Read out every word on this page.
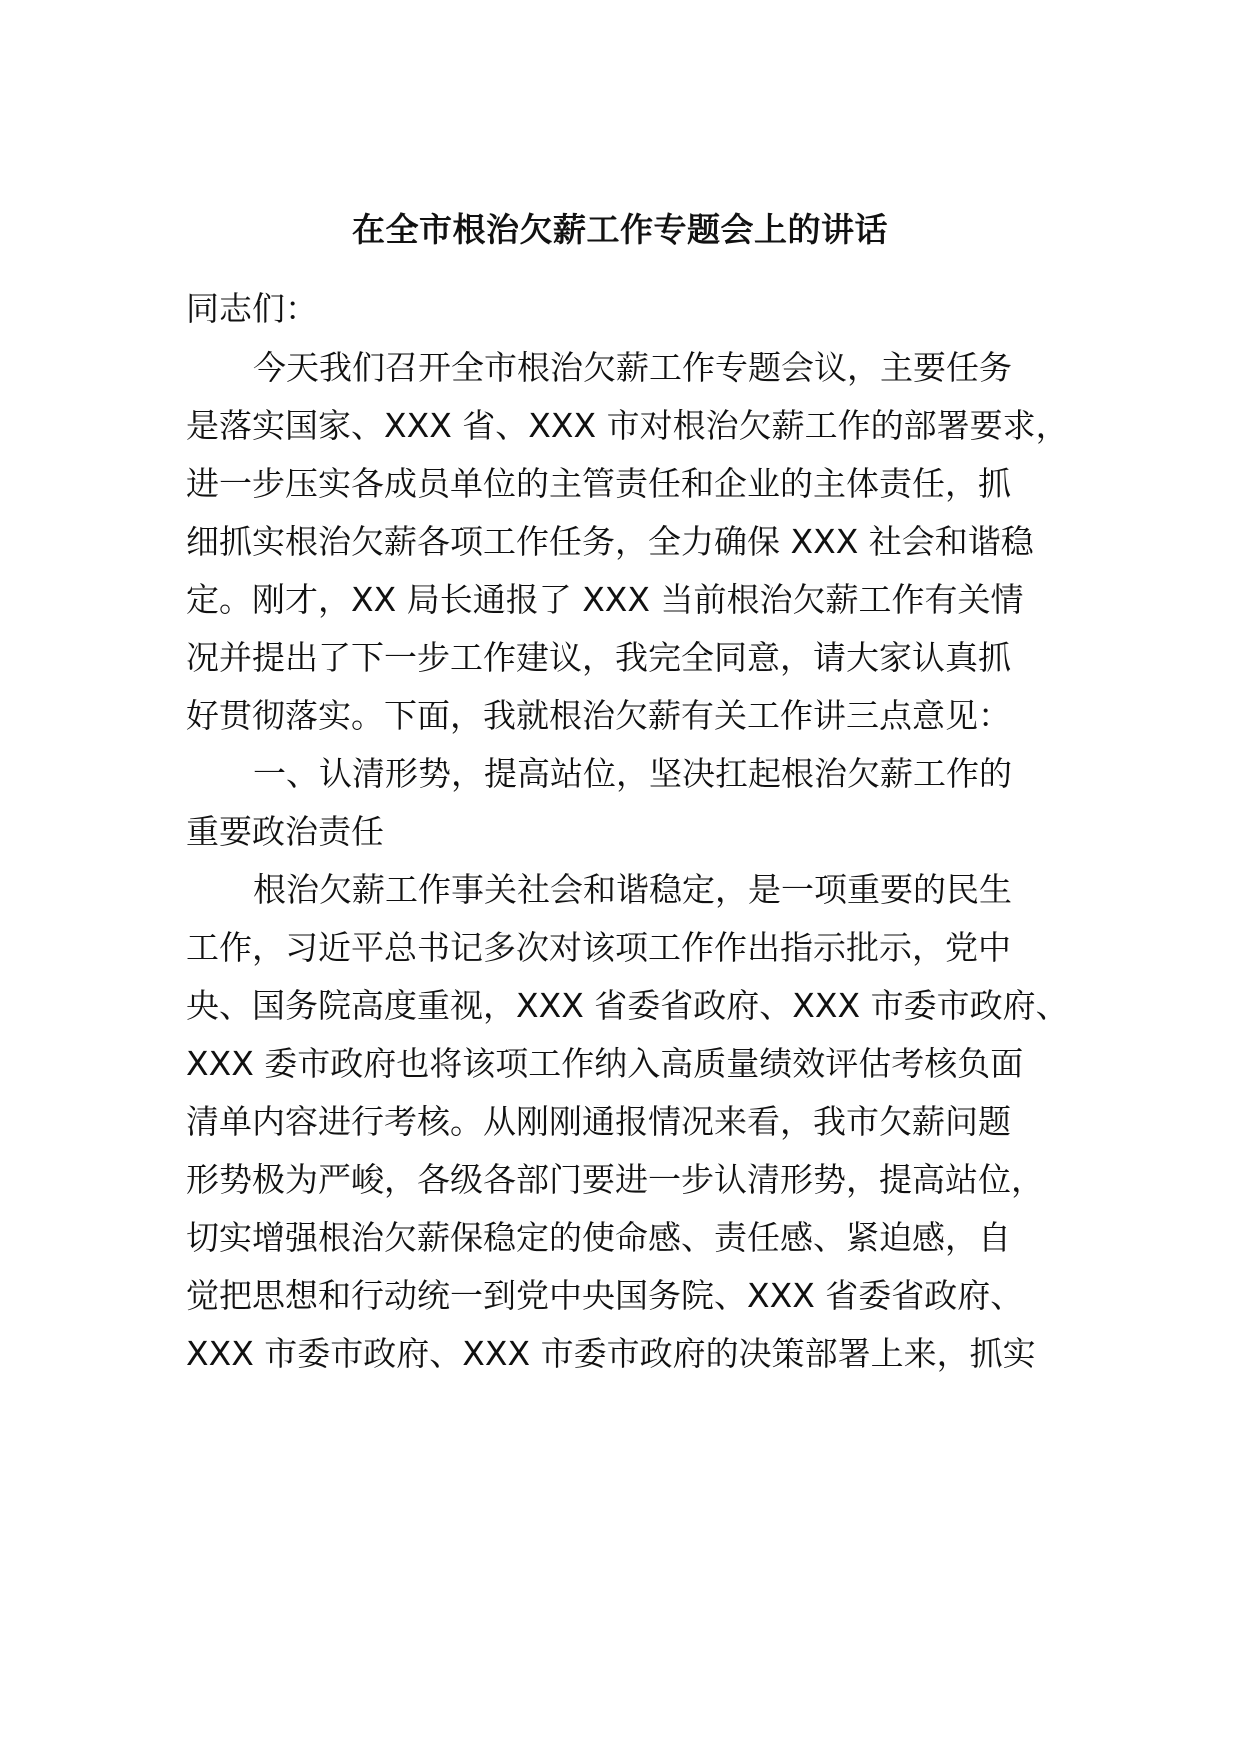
在全市根治欠薪工作专题会上的讲话
同志们：
今天我们召开全市根治欠薪工作专题会议，主要任务
是落实国家、XXX 省、XXX 市对根治欠薪工作的部署要求，
进一步压实各成员单位的主管责任和企业的主体责任，抓
细抓实根治欠薪各项工作任务，全力确保 XXX 社会和谐稳
定。刚才，XX 局长通报了 XXX 当前根治欠薪工作有关情
况并提出了下一步工作建议，我完全同意，请大家认真抓
好贯彻落实。下面，我就根治欠薪有关工作讲三点意见：
一、认清形势，提高站位，坚决扛起根治欠薪工作的
重要政治责任
根治欠薪工作事关社会和谐稳定，是一项重要的民生
工作，习近平总书记多次对该项工作作出指示批示，党中
央、国务院高度重视，XXX 省委省政府、XXX 市委市政府、
XXX 委市政府也将该项工作纳入高质量绩效评估考核负面
清单内容进行考核。从刚刚通报情况来看，我市欠薪问题
形势极为严峻，各级各部门要进一步认清形势，提高站位，
切实增强根治欠薪保稳定的使命感、责任感、紧迫感，自
觉把思想和行动统一到党中央国务院、XXX 省委省政府、
XXX 市委市政府、XXX 市委市政府的决策部署上来，抓实
